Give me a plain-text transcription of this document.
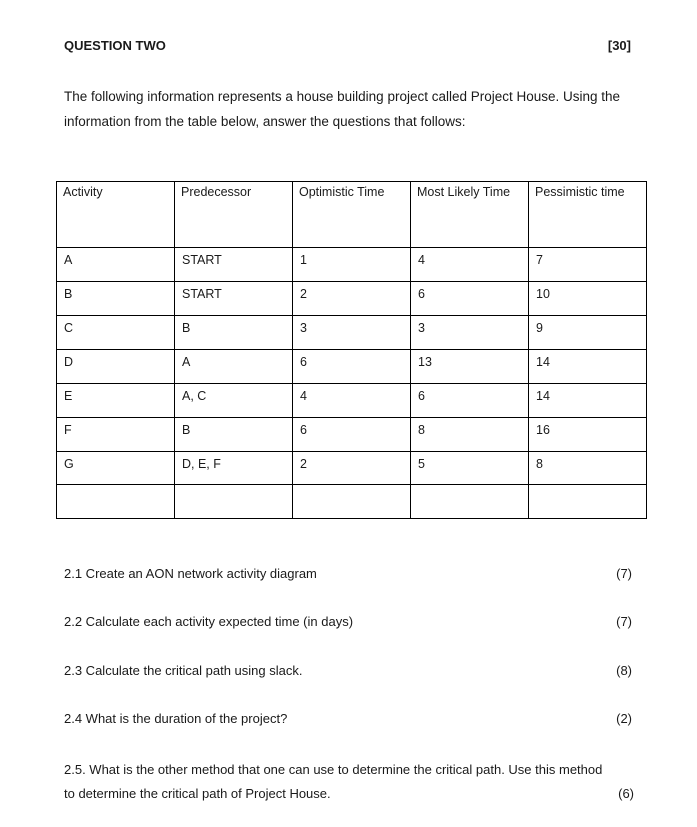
QUESTION TWO	[30]
The following information represents a house building project called Project House. Using the information from the table below, answer the questions that follows:
Activity	Predecessor	Optimistic Time	Most Likely Time	Pessimistic time
A	START	1	4	7
B	START	2	6	10
C	B	3	3	9
D	A	6	13	14
E	A, C	4	6	14
F	B	6	8	16
G	D, E, F	2	5	8

2.1 Create an AON network activity diagram	(7)
2.2 Calculate each activity expected time (in days)	(7)
2.3 Calculate the critical path using slack.	(8)
2.4 What is the duration of the project?	(2)
2.5. What is the other method that one can use to determine the critical path. Use this method
to determine the critical path of Project House.	(6)
